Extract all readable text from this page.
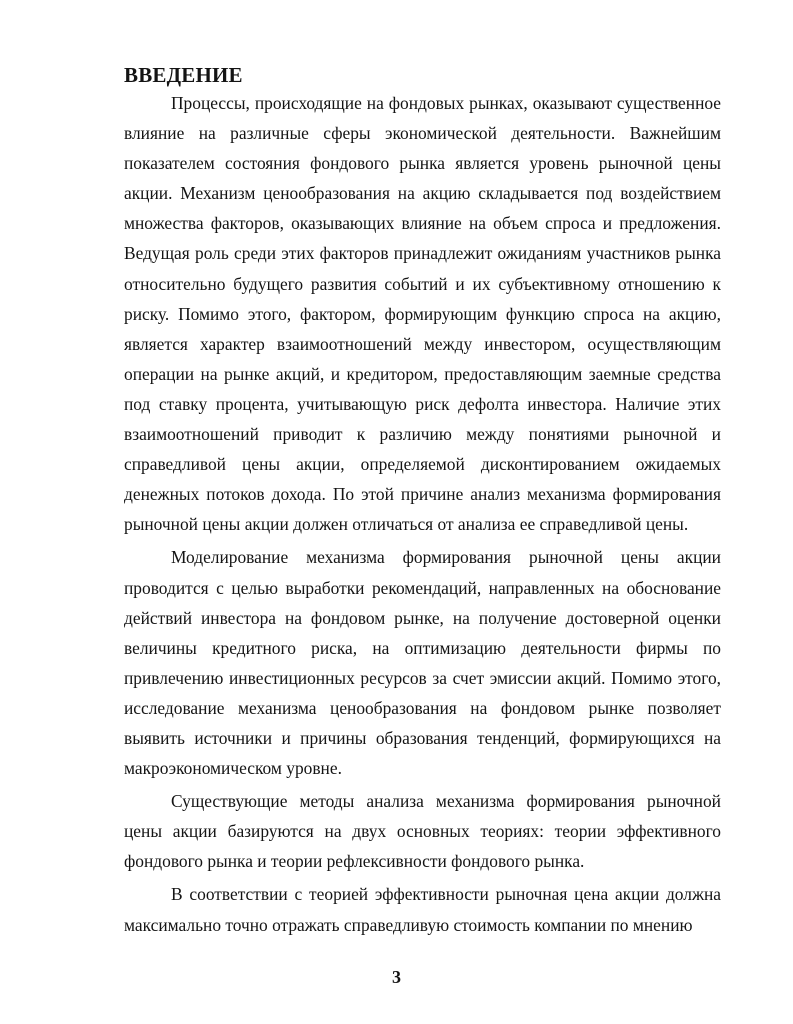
ВВЕДЕНИЕ

Процессы, происходящие на фондовых рынках, оказывают существенное влияние на различные сферы экономической деятельности. Важнейшим показателем состояния фондового рынка является уровень рыночной цены акции. Механизм ценообразования на акцию складывается под воздействием множества факторов, оказывающих влияние на объем спроса и предложения. Ведущая роль среди этих факторов принадлежит ожиданиям участников рынка относительно будущего развития событий и их субъективному отношению к риску. Помимо этого, фактором, формирующим функцию спроса на акцию, является характер взаимоотношений между инвестором, осуществляющим операции на рынке акций, и кредитором, предоставляющим заемные средства под ставку процента, учитывающую риск дефолта инвестора. Наличие этих взаимоотношений приводит к различию между понятиями рыночной и справедливой цены акции, определяемой дисконтированием ожидаемых денежных потоков дохода. По этой причине анализ механизма формирования рыночной цены акции должен отличаться от анализа ее справедливой цены.

Моделирование механизма формирования рыночной цены акции проводится с целью выработки рекомендаций, направленных на обоснование действий инвестора на фондовом рынке, на получение достоверной оценки величины кредитного риска, на оптимизацию деятельности фирмы по привлечению инвестиционных ресурсов за счет эмиссии акций. Помимо этого, исследование механизма ценообразования на фондовом рынке позволяет выявить источники и причины образования тенденций, формирующихся на макроэкономическом уровне.

Существующие методы анализа механизма формирования рыночной цены акции базируются на двух основных теориях: теории эффективного фондового рынка и теории рефлексивности фондового рынка.

В соответствии с теорией эффективности рыночная цена акции должна максимально точно отражать справедливую стоимость компании по мнению

3
